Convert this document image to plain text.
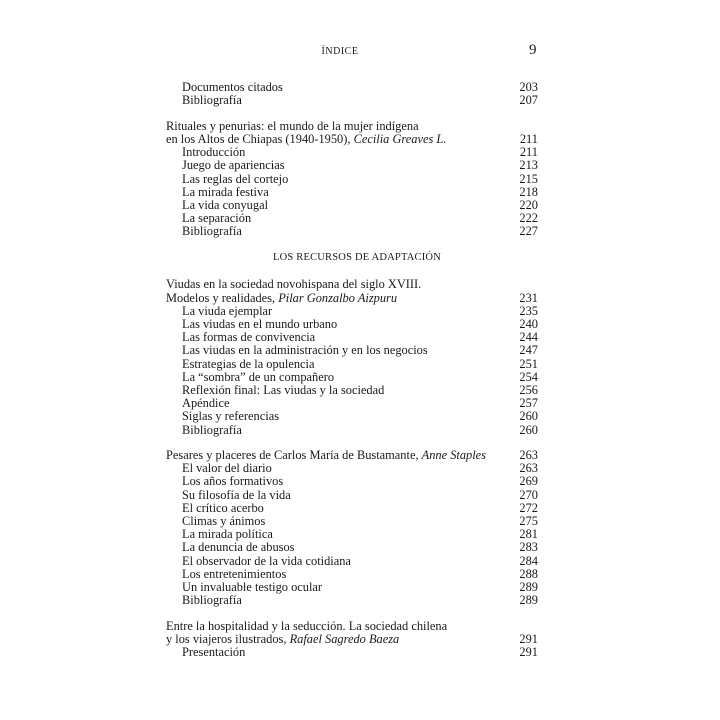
ÍNDICE	9
Documentos citados	203
Bibliografía	207
Rituales y penurias: el mundo de la mujer indígena
en los Altos de Chiapas (1940-1950), Cecilia Greaves L.	211
Introducción	211
Juego de apariencias	213
Las reglas del cortejo	215
La mirada festiva	218
La vida conyugal	220
La separación	222
Bibliografía	227
LOS RECURSOS DE ADAPTACIÓN
Viudas en la sociedad novohispana del siglo XVIII.
Modelos y realidades, Pilar Gonzalbo Aizpuru	231
La viuda ejemplar	235
Las viudas en el mundo urbano	240
Las formas de convivencia	244
Las viudas en la administración y en los negocios	247
Estrategias de la opulencia	251
La “sombra” de un compañero	254
Reflexión final: Las viudas y la sociedad	256
Apéndice	257
Siglas y referencias	260
Bibliografía	260
Pesares y placeres de Carlos María de Bustamante, Anne Staples	263
El valor del diario	263
Los años formativos	269
Su filosofía de la vida	270
El crítico acerbo	272
Climas y ánimos	275
La mirada política	281
La denuncia de abusos	283
El observador de la vida cotidiana	284
Los entretenimientos	288
Un invaluable testigo ocular	289
Bibliografía	289
Entre la hospitalidad y la seducción. La sociedad chilena
y los viajeros ilustrados, Rafael Sagredo Baeza	291
Presentación	291
